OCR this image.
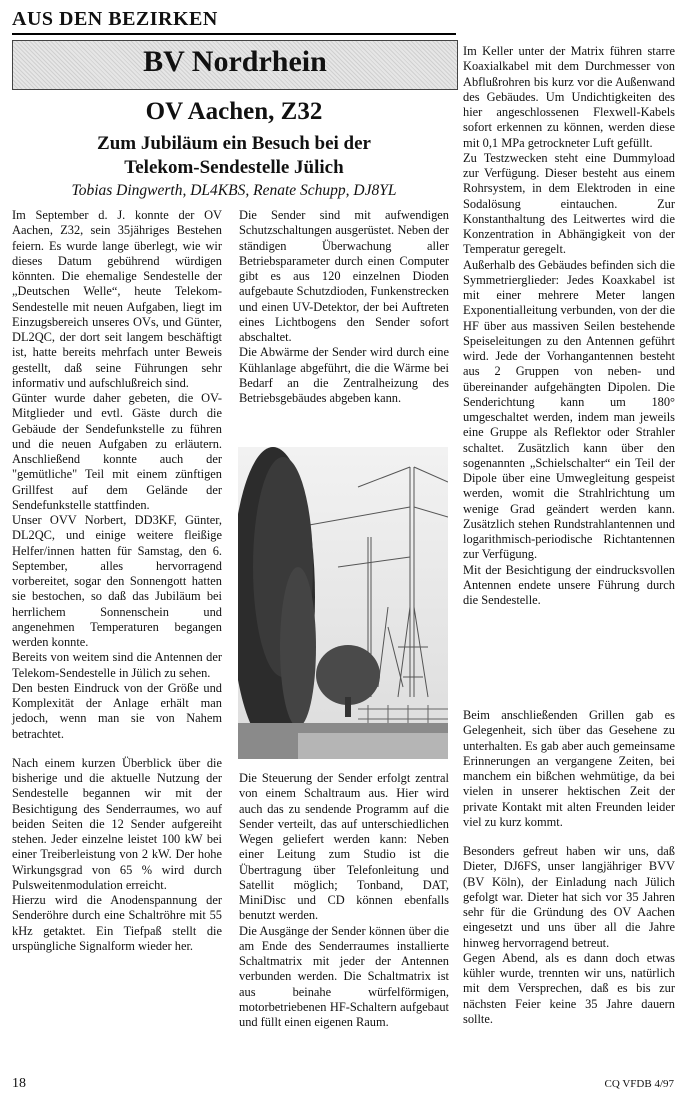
AUS DEN BEZIRKEN
BV Nordrhein
OV Aachen, Z32
Zum Jubiläum ein Besuch bei der
Telekom-Sendestelle Jülich
Tobias Dingwerth, DL4KBS, Renate Schupp, DJ8YL

Im September d. J. konnte der OV Aachen, Z32, sein 35jähriges Bestehen feiern. Es wurde lange überlegt, wie wir dieses Datum gebührend würdigen könnten. Die ehemalige Sendestelle der „Deutschen Welle“, heute Telekom-Sendestelle mit neuen Aufgaben, liegt im Einzugsbereich unseres OVs, und Günter, DL2QC, der dort seit langem beschäftigt ist, hatte bereits mehrfach unter Beweis gestellt, daß seine Führungen sehr informativ und aufschlußreich sind.

Günter wurde daher gebeten, die OV-Mitglieder und evtl. Gäste durch die Gebäude der Sendefunkstelle zu führen und die neuen Aufgaben zu erläutern. Anschließend konnte auch der "gemütliche" Teil mit einem zünftigen Grillfest auf dem Gelände der Sendefunkstelle stattfinden.

Unser OVV Norbert, DD3KF, Günter, DL2QC, und einige weitere fleißige Helfer/innen hatten für Samstag, den 6. September, alles hervorragend vorbereitet, sogar den Sonnengott hatten sie bestochen, so daß das Jubiläum bei herrlichem Sonnenschein und angenehmen Temperaturen begangen werden konnte.

Bereits von weitem sind die Antennen der Telekom-Sendestelle in Jülich zu sehen.

Den besten Eindruck von der Größe und Komplexität der Anlage erhält man jedoch, wenn man sie von Nahem betrachtet.

Nach einem kurzen Überblick über die bisherige und die aktuelle Nutzung der Sendestelle begannen wir mit der Besichtigung des Senderraumes, wo auf beiden Seiten die 12 Sender aufgereiht stehen. Jeder einzelne leistet 100 kW bei einer Treiberleistung von 2 kW. Der hohe Wirkungsgrad von 65 % wird durch Pulsweitenmodulation erreicht.

Hierzu wird die Anodenspannung der Senderöhre durch eine Schaltröhre mit 55 kHz getaktet. Ein Tiefpaß stellt die urspüngliche Signalform wieder her.

Die Sender sind mit aufwendigen Schutzschaltungen ausgerüstet. Neben der ständigen Überwachung aller Betriebsparameter durch einen Computer gibt es aus 120 einzelnen Dioden aufgebaute Schutzdioden, Funkenstrecken und einen UV-Detektor, der bei Auftreten eines Lichtbogens den Sender sofort abschaltet.

Die Abwärme der Sender wird durch eine Kühlanlage abgeführt, die die Wärme bei Bedarf an die Zentralheizung des Betriebsgebäudes abgeben kann.

Die Steuerung der Sender erfolgt zentral von einem Schaltraum aus. Hier wird auch das zu sendende Programm auf die Sender verteilt, das auf unterschiedlichen Wegen geliefert werden kann: Neben einer Leitung zum Studio ist die Übertragung über Telefonleitung und Satellit möglich; Tonband, DAT, MiniDisc und CD können ebenfalls benutzt werden.

Die Ausgänge der Sender können über die am Ende des Senderraumes installierte Schaltmatrix mit jeder der Antennen verbunden werden. Die Schaltmatrix ist aus beinahe würfelförmigen, motorbetriebenen HF-Schaltern aufgebaut und füllt einen eigenen Raum.

Im Keller unter der Matrix führen starre Koaxialkabel mit dem Durchmesser von Abflußrohren bis kurz vor die Außenwand des Gebäudes. Um Undichtigkeiten des hier angeschlossenen Flexwell-Kabels sofort erkennen zu können, werden diese mit 0,1 MPa getrockneter Luft gefüllt.

Zu Testzwecken steht eine Dummyload zur Verfügung. Dieser besteht aus einem Rohrsystem, in dem Elektroden in eine Sodalösung eintauchen. Zur Konstanthaltung des Leitwertes wird die Konzentration in Abhängigkeit von der Temperatur geregelt.

Außerhalb des Gebäudes befinden sich die Symmetrierglieder: Jedes Koaxkabel ist mit einer mehrere Meter langen Exponentialleitung verbunden, von der die HF über aus massiven Seilen bestehende Speiseleitungen zu den Antennen geführt wird. Jede der Vorhangantennen besteht aus 2 Gruppen von neben- und übereinander aufgehängten Dipolen. Die Senderichtung kann um 180° umgeschaltet werden, indem man jeweils eine Gruppe als Reflektor oder Strahler schaltet. Zusätzlich kann über den sogenannten „Schielschalter“ ein Teil der Dipole über eine Umwegleitung gespeist werden, womit die Strahlrichtung um wenige Grad geändert werden kann. Zusätzlich stehen Rundstrahlantennen und logarithmisch-periodische Richtantennen zur Verfügung.

Mit der Besichtigung der eindrucksvollen Antennen endete unsere Führung durch die Sendestelle.

Beim anschließenden Grillen gab es Gelegenheit, sich über das Gesehene zu unterhalten. Es gab aber auch gemeinsame Erinnerungen an vergangene Zeiten, bei manchem ein bißchen wehmütige, da bei vielen in unserer hektischen Zeit der private Kontakt mit alten Freunden leider viel zu kurz kommt.

Besonders gefreut haben wir uns, daß Dieter, DJ6FS, unser langjähriger BVV (BV Köln), der Einladung nach Jülich gefolgt war. Dieter hat sich vor 35 Jahren sehr für die Gründung des OV Aachen eingesetzt und uns über all die Jahre hinweg hervorragend betreut.

Gegen Abend, als es dann doch etwas kühler wurde, trennten wir uns, natürlich mit dem Versprechen, daß es bis zur nächsten Feier keine 35 Jahre dauern sollte.

18	CQ VFDB 4/97
